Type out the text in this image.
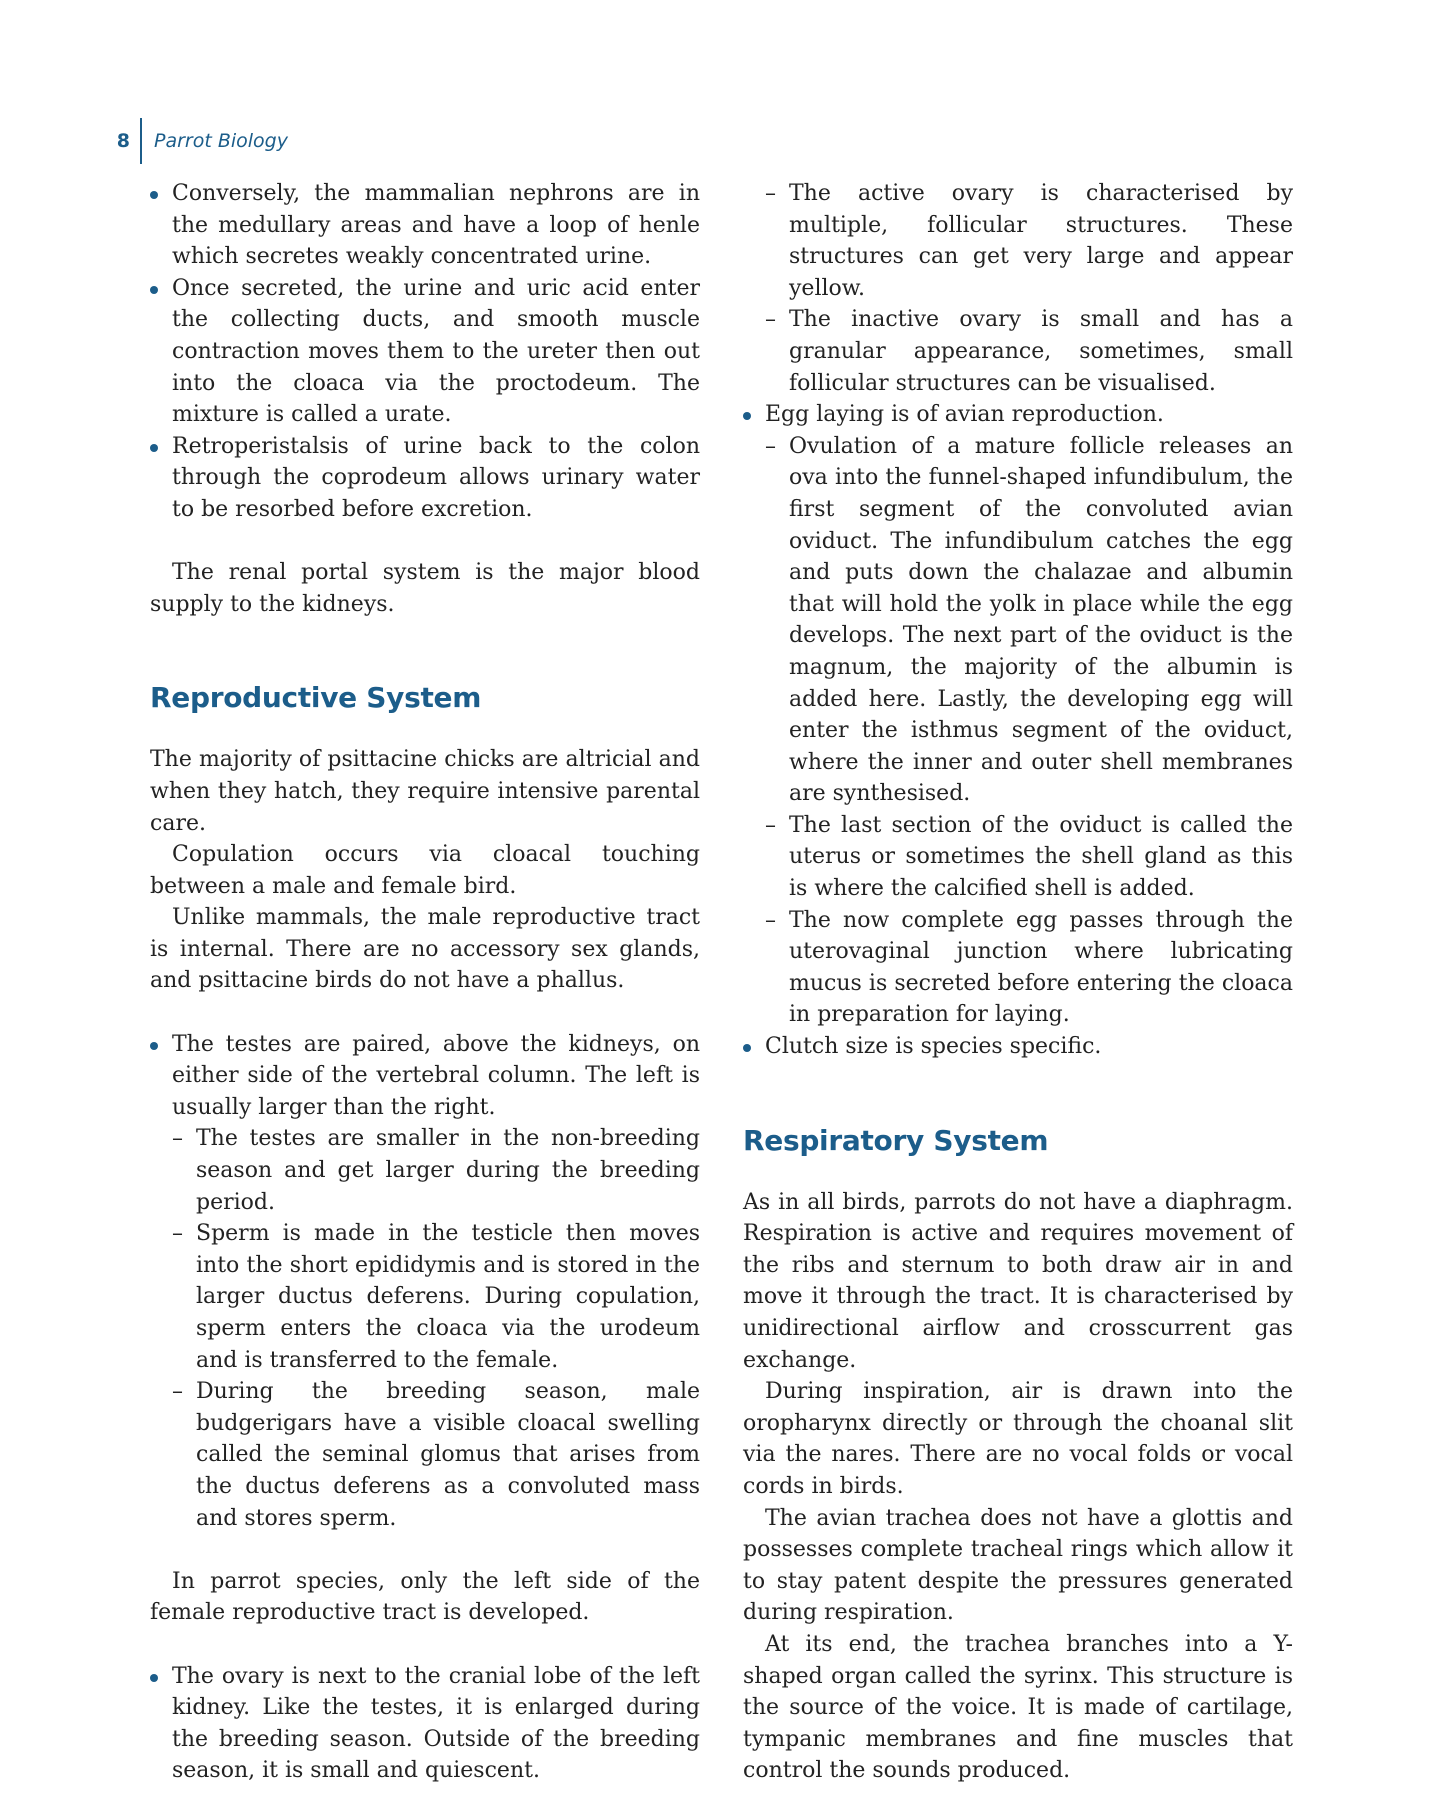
8 Parrot Biology
Conversely, the mammalian nephrons are in the medullary areas and have a loop of henle which secretes weakly concentrated urine.
Once secreted, the urine and uric acid enter the collecting ducts, and smooth muscle contraction moves them to the ureter then out into the cloaca via the proctodeum. The mixture is called a urate.
Retroperistalsis of urine back to the colon through the coprodeum allows urinary water to be resorbed before excretion.

The renal portal system is the major blood supply to the kidneys.

Reproductive System

The majority of psittacine chicks are altricial and when they hatch, they require intensive parental care.

Copulation occurs via cloacal touching between a male and female bird.

Unlike mammals, the male reproductive tract is internal. There are no accessory sex glands, and psittacine birds do not have a phallus.

The testes are paired, above the kidneys, on either side of the vertebral column. The left is usually larger than the right.
– The testes are smaller in the non-breeding season and get larger during the breeding period.
– Sperm is made in the testicle then moves into the short epididymis and is stored in the larger ductus deferens. During copulation, sperm enters the cloaca via the urodeum and is transferred to the female.
– During the breeding season, male budgerigars have a visible cloacal swelling called the seminal glomus that arises from the ductus deferens as a convoluted mass and stores sperm.

In parrot species, only the left side of the female reproductive tract is developed.

The ovary is next to the cranial lobe of the left kidney. Like the testes, it is enlarged during the breeding season. Outside of the breeding season, it is small and quiescent.
– The active ovary is characterised by multiple, follicular structures. These structures can get very large and appear yellow.
– The inactive ovary is small and has a granular appearance, sometimes, small follicular structures can be visualised.
Egg laying is of avian reproduction.
– Ovulation of a mature follicle releases an ova into the funnel-shaped infundibulum, the first segment of the convoluted avian oviduct. The infundibulum catches the egg and puts down the chalazae and albumin that will hold the yolk in place while the egg develops. The next part of the oviduct is the magnum, the majority of the albumin is added here. Lastly, the developing egg will enter the isthmus segment of the oviduct, where the inner and outer shell membranes are synthesised.
– The last section of the oviduct is called the uterus or sometimes the shell gland as this is where the calcified shell is added.
– The now complete egg passes through the uterovaginal junction where lubricating mucus is secreted before entering the cloaca in preparation for laying.
Clutch size is species specific.
Respiratory System

As in all birds, parrots do not have a diaphragm. Respiration is active and requires movement of the ribs and sternum to both draw air in and move it through the tract. It is characterised by unidirectional airflow and crosscurrent gas exchange.

During inspiration, air is drawn into the oropharynx directly or through the choanal slit via the nares. There are no vocal folds or vocal cords in birds.

The avian trachea does not have a glottis and possesses complete tracheal rings which allow it to stay patent despite the pressures generated during respiration.

At its end, the trachea branches into a Y-shaped organ called the syrinx. This structure is the source of the voice. It is made of cartilage, tympanic membranes and fine muscles that control the sounds produced.
